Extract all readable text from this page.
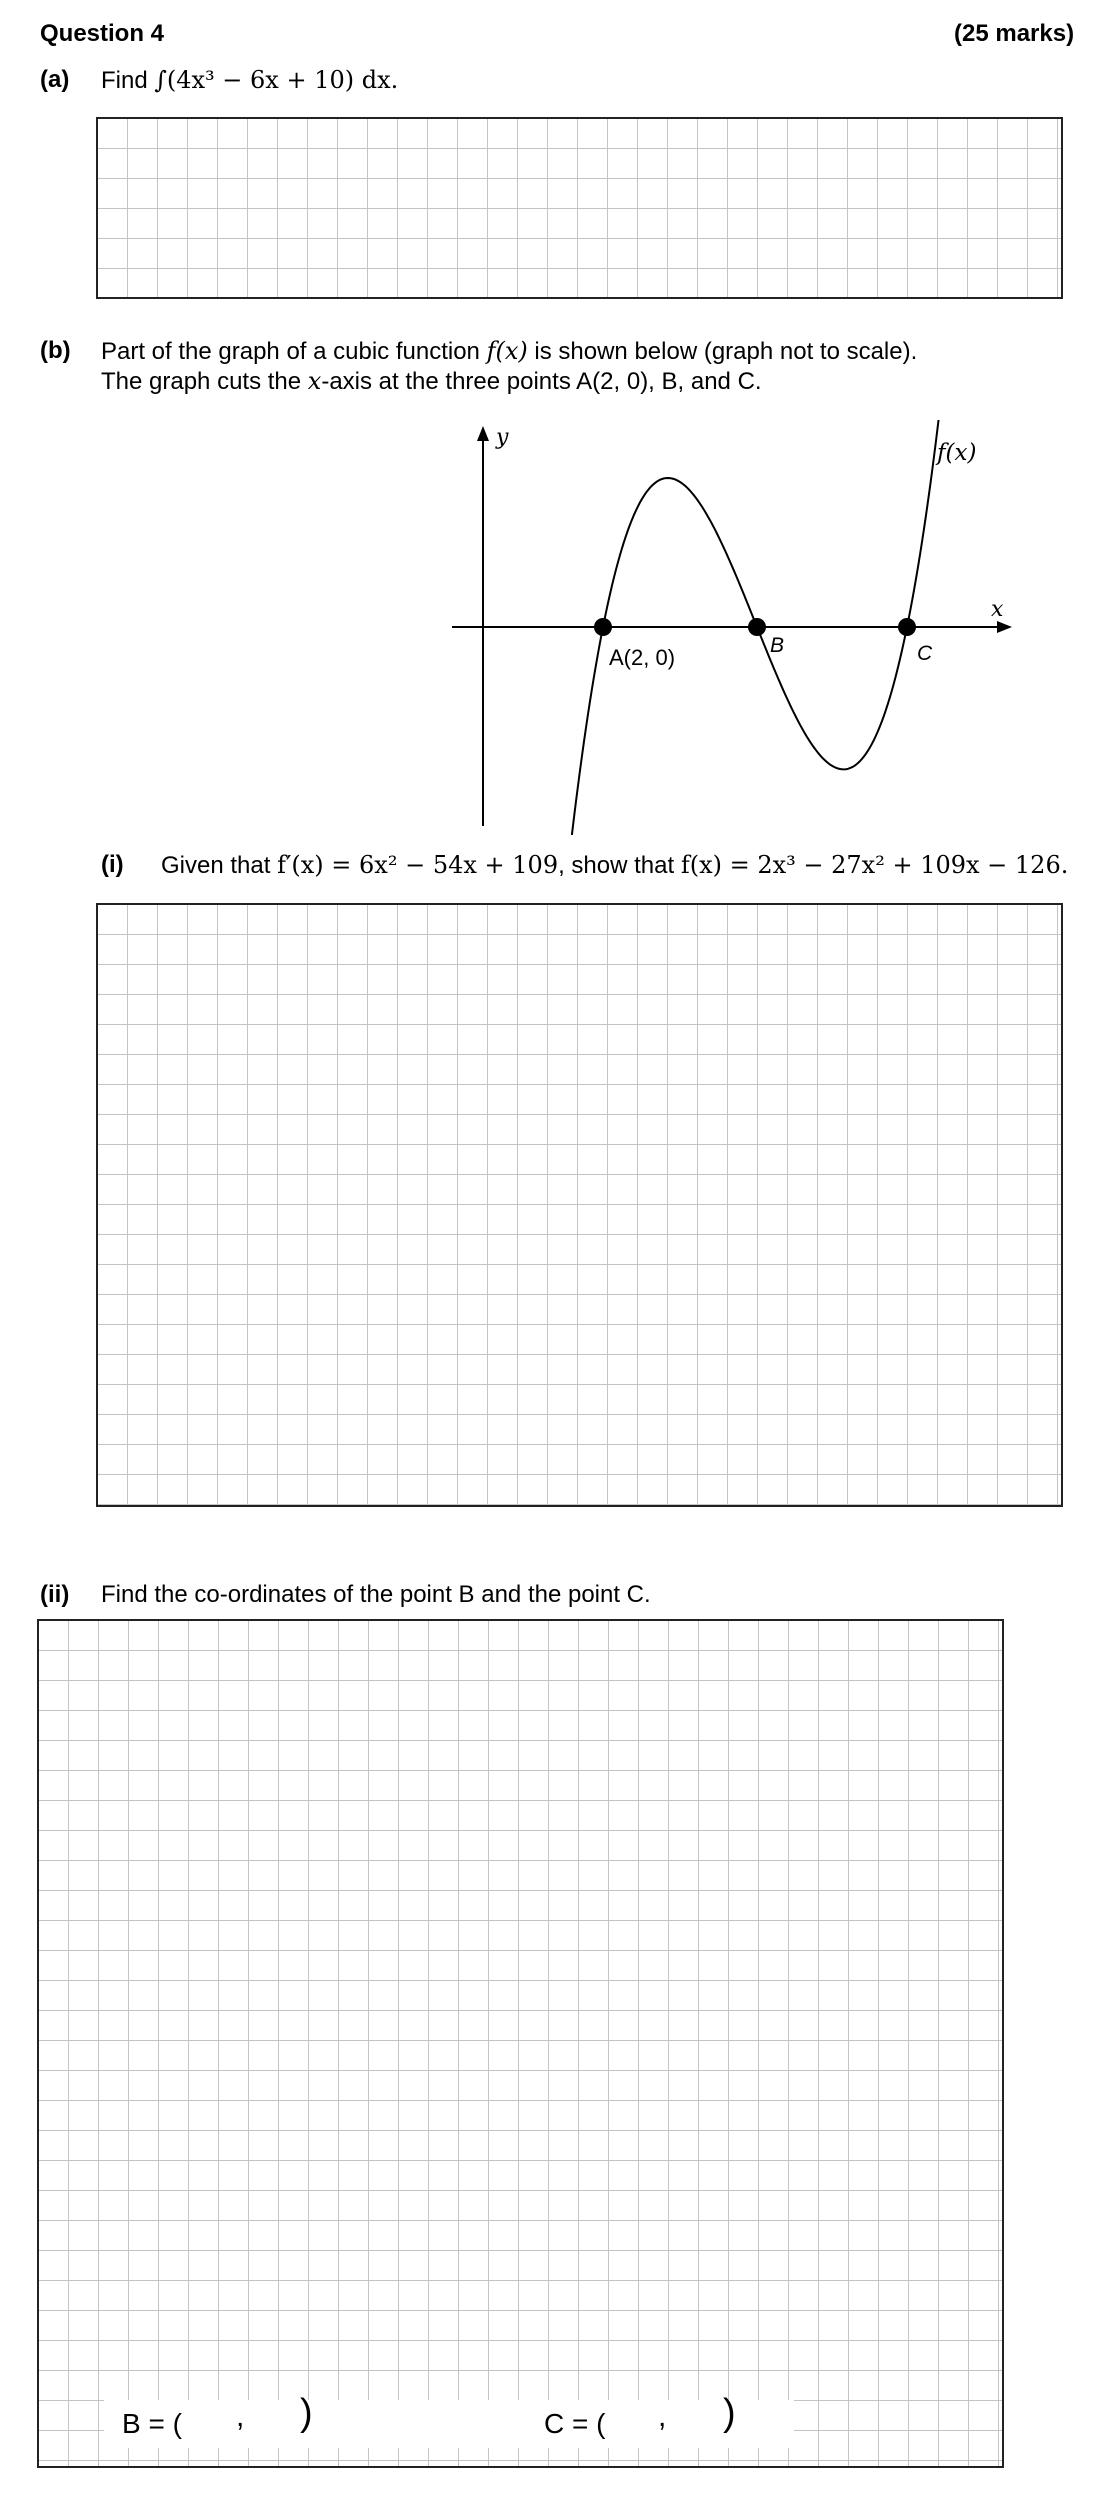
Question 4	(25 marks)
(a) Find ∫(4x³ − 6x + 10) dx.
(b) Part of the graph of a cubic function f(x) is shown below (graph not to scale).
The graph cuts the x-axis at the three points A(2, 0), B, and C.
y
x
f(x)
A(2, 0)	B	C
(i) Given that f′(x) = 6x² − 54x + 109, show that f(x) = 2x³ − 27x² + 109x − 126.
(ii) Find the co-ordinates of the point B and the point C.
B = ( , )	C = ( , )
